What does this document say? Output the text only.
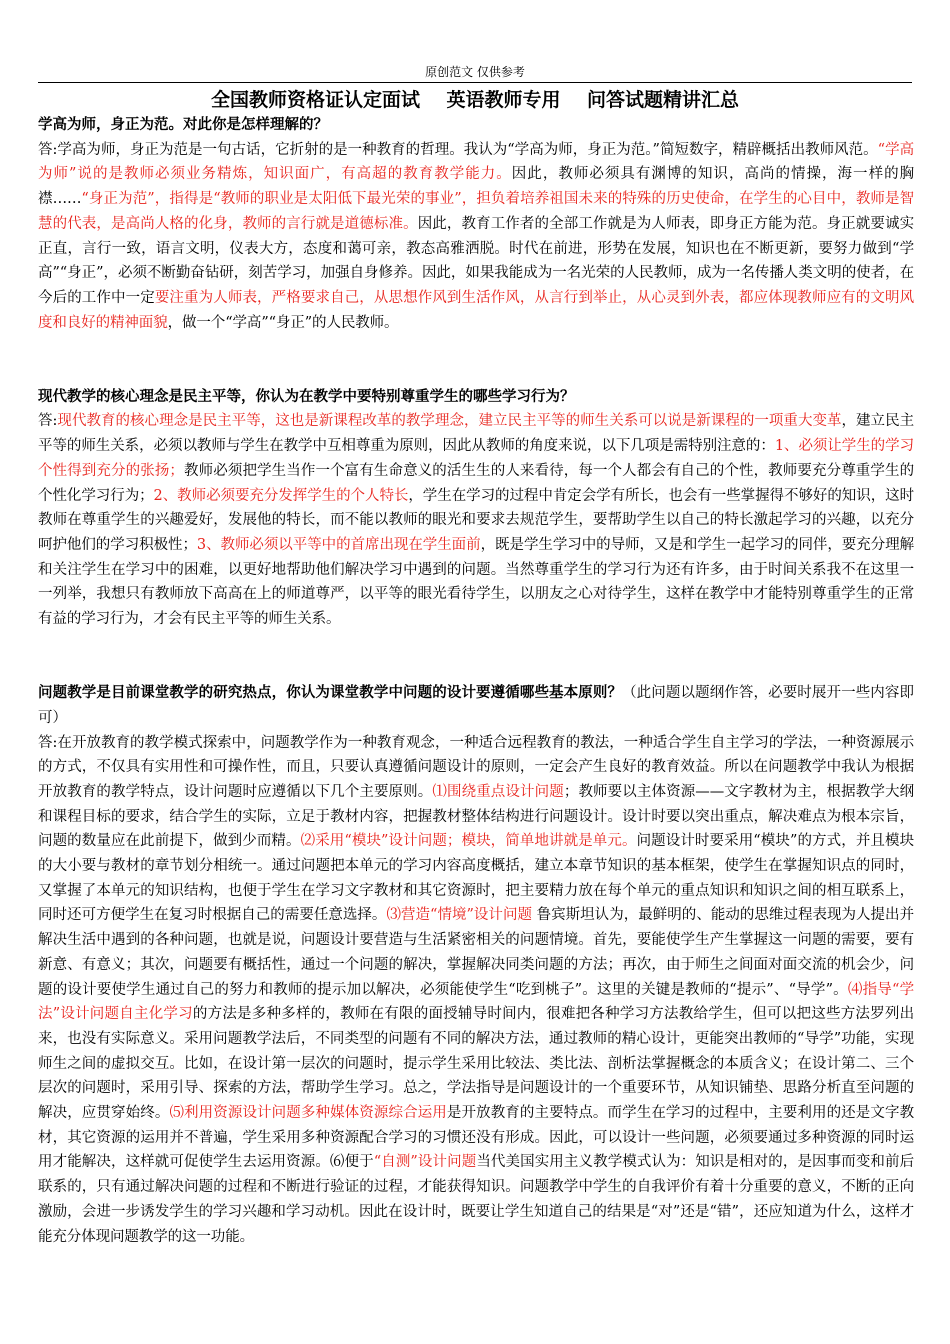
原创范文 仅供参考
全国教师资格证认定面试    英语教师专用    问答试题精讲汇总

学高为师，身正为范。对此你是怎样理解的？

答:学高为师，身正为范是一句古话，它折射的是一种教育的哲理。我认为“学高为师，身正为范。”简短数字，精辟概括出教师风范。“学高为师”说的是教师必须业务精炼，知识面广，有高超的教育教学能力。因此，教师必须具有渊博的知识，高尚的情操，海一样的胸襟……“身正为范”，指得是“教师的职业是太阳低下最光荣的事业”，担负着培养祖国未来的特殊的历史使命，在学生的心目中，教师是智慧的代表，是高尚人格的化身，教师的言行就是道德标准。因此，教育工作者的全部工作就是为人师表，即身正方能为范。身正就要诚实正直，言行一致，语言文明，仪表大方，态度和蔼可亲，教态高雅洒脱。时代在前进，形势在发展，知识也在不断更新，要努力做到“学高”“身正”，必须不断勤奋钻研，刻苦学习，加强自身修养。因此，如果我能成为一名光荣的人民教师，成为一名传播人类文明的使者，在今后的工作中一定要注重为人师表，严格要求自己，从思想作风到生活作风，从言行到举止，从心灵到外表，都应体现教师应有的文明风度和良好的精神面貌，做一个“学高”“身正”的人民教师。

现代教学的核心理念是民主平等，你认为在教学中要特别尊重学生的哪些学习行为？

答:现代教育的核心理念是民主平等，这也是新课程改革的教学理念，建立民主平等的师生关系可以说是新课程的一项重大变革，建立民主平等的师生关系，必须以教师与学生在教学中互相尊重为原则，因此从教师的角度来说，以下几项是需特别注意的：1、必须让学生的学习个性得到充分的张扬；教师必须把学生当作一个富有生命意义的活生生的人来看待，每一个人都会有自己的个性，教师要充分尊重学生的个性化学习行为；2、教师必须要充分发挥学生的个人特长，学生在学习的过程中肯定会学有所长，也会有一些掌握得不够好的知识，这时教师在尊重学生的兴趣爱好，发展他的特长，而不能以教师的眼光和要求去规范学生，要帮助学生以自己的特长激起学习的兴趣，以充分呵护他们的学习积极性；3、教师必须以平等中的首席出现在学生面前，既是学生学习中的导师，又是和学生一起学习的同伴，要充分理解和关注学生在学习中的困难，以更好地帮助他们解决学习中遇到的问题。当然尊重学生的学习行为还有许多，由于时间关系我不在这里一一列举，我想只有教师放下高高在上的师道尊严，以平等的眼光看待学生，以朋友之心对待学生，这样在教学中才能特别尊重学生的正常有益的学习行为，才会有民主平等的师生关系。

问题教学是目前课堂教学的研究热点，你认为课堂教学中问题的设计要遵循哪些基本原则？（此问题以题纲作答，必要时展开一些内容即可）

答:在开放教育的教学模式探索中，问题教学作为一种教育观念，一种适合远程教育的教法，一种适合学生自主学习的学法，一种资源展示的方式，不仅具有实用性和可操作性，而且，只要认真遵循问题设计的原则，一定会产生良好的教育效益。所以在问题教学中我认为根据开放教育的教学特点，设计问题时应遵循以下几个主要原则。⑴围绕重点设计问题；教师要以主体资源——文字教材为主，根据教学大纲和课程目标的要求，结合学生的实际，立足于教材内容，把握教材整体结构进行问题设计。设计时要以突出重点，解决难点为根本宗旨，问题的数量应在此前提下，做到少而精。⑵采用“模块”设计问题；模块，简单地讲就是单元。问题设计时要采用“模块”的方式，并且模块的大小要与教材的章节划分相统一。通过问题把本单元的学习内容高度概括，建立本章节知识的基本框架，使学生在掌握知识点的同时，又掌握了本单元的知识结构，也便于学生在学习文字教材和其它资源时，把主要精力放在每个单元的重点知识和知识之间的相互联系上，同时还可方便学生在复习时根据自己的需要任意选择。⑶营造“情境”设计问题 鲁宾斯坦认为，最鲜明的、能动的思维过程表现为人提出并解决生活中遇到的各种问题，也就是说，问题设计要营造与生活紧密相关的问题情境。首先，要能使学生产生掌握这一问题的需要，要有新意、有意义；其次，问题要有概括性，通过一个问题的解决，掌握解决同类问题的方法；再次，由于师生之间面对面交流的机会少，问题的设计要使学生通过自己的努力和教师的提示加以解决，必须能使学生“吃到桃子”。这里的关键是教师的“提示”、“导学”。⑷指导“学法”设计问题自主化学习的方法是多种多样的，教师在有限的面授辅导时间内，很难把各种学习方法教给学生，但可以把这些方法罗列出来，也没有实际意义。采用问题教学法后，不同类型的问题有不同的解决方法，通过教师的精心设计，更能突出教师的“导学”功能，实现师生之间的虚拟交互。比如，在设计第一层次的问题时，提示学生采用比较法、类比法、剖析法掌握概念的本质含义；在设计第二、三个层次的问题时，采用引导、探索的方法，帮助学生学习。总之，学法指导是问题设计的一个重要环节，从知识铺垫、思路分析直至问题的解决，应贯穿始终。⑸利用资源设计问题多种媒体资源综合运用是开放教育的主要特点。而学生在学习的过程中，主要利用的还是文字教材，其它资源的运用并不普遍，学生采用多种资源配合学习的习惯还没有形成。因此，可以设计一些问题，必须要通过多种资源的同时运用才能解决，这样就可促使学生去运用资源。⑹便于“自测”设计问题当代美国实用主义教学模式认为：知识是相对的，是因事而变和前后联系的，只有通过解决问题的过程和不断进行验证的过程，才能获得知识。问题教学中学生的自我评价有着十分重要的意义，不断的正向激励，会进一步诱发学生的学习兴趣和学习动机。因此在设计时，既要让学生知道自己的结果是“对”还是“错”，还应知道为什么，这样才能充分体现问题教学的这一功能。
